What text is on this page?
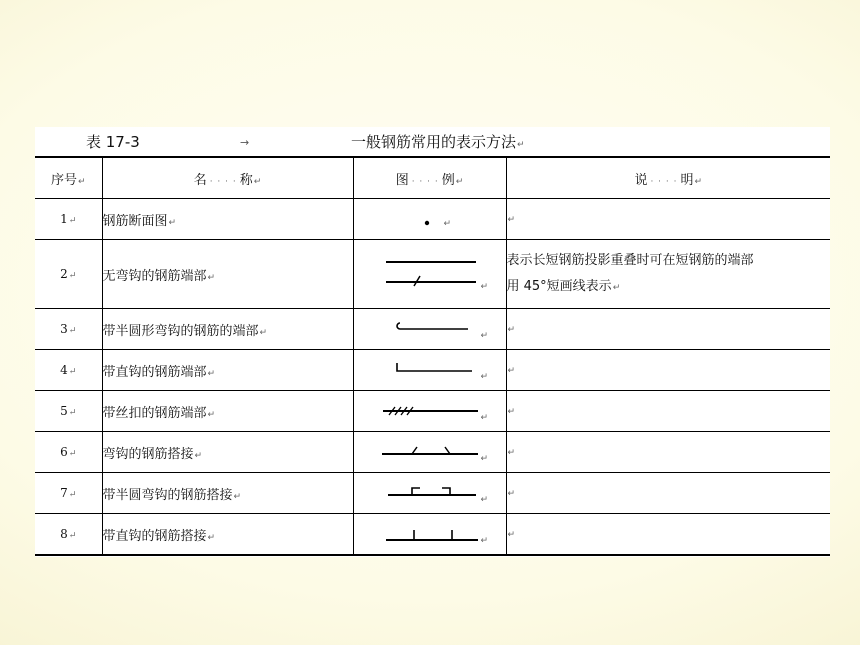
表 17-3	→	一般钢筋常用的表示方法↵
序号↵	名 · · · · 称↵	图 · · · · 例↵	说 · · · · 明↵
1↵	钢筋断面图↵	↵	↵
2↵	无弯钩的钢筋端部↵	↵	表示长短钢筋投影重叠时可在短钢筋的端部
用 45°短画线表示↵

3↵	带半圆形弯钩的钢筋的端部↵	↵	↵
4↵	带直钩的钢筋端部↵	↵	↵
5↵	带丝扣的钢筋端部↵	↵	↵
6↵	弯钩的钢筋搭接↵	↵	↵
7↵	带半圆弯钩的钢筋搭接↵	↵	↵
8↵	带直钩的钢筋搭接↵	↵	↵
